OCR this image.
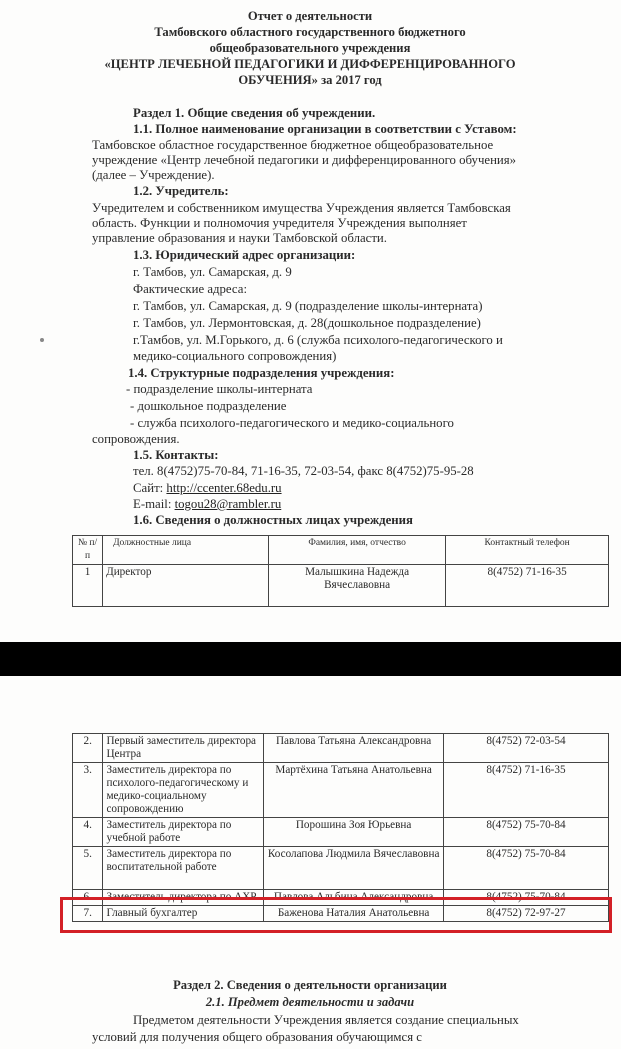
Отчет о деятельности
Тамбовского областного государственного бюджетного
общеобразовательного учреждения
«ЦЕНТР ЛЕЧЕБНОЙ ПЕДАГОГИКИ И ДИФФЕРЕНЦИРОВАННОГО
ОБУЧЕНИЯ» за 2017 год
Раздел 1. Общие сведения об учреждении.
1.1. Полное наименование организации в соответствии с Уставом:
Тамбовское областное государственное бюджетное общеобразовательное
учреждение «Центр лечебной педагогики и дифференцированного обучения»
(далее – Учреждение).
1.2. Учредитель:
Учредителем и собственником имущества Учреждения является Тамбовская
область. Функции и полномочия учредителя Учреждения выполняет
управление образования и науки Тамбовской области.
1.3. Юридический адрес организации:
г. Тамбов, ул. Самарская, д. 9
Фактические адреса:
г. Тамбов, ул. Самарская, д. 9 (подразделение школы-интерната)
г. Тамбов, ул. Лермонтовская, д. 28(дошкольное подразделение)
г.Тамбов, ул. М.Горького, д. 6 (служба психолого-педагогического и
медико-социального сопровождения)
1.4. Структурные подразделения учреждения:
- подразделение школы-интерната
- дошкольное подразделение
- служба психолого-педагогического и медико-социального
сопровождения.
1.5. Контакты:
тел. 8(4752)75-70-84, 71-16-35, 72-03-54, факс 8(4752)75-95-28
Сайт: http://ccenter.68edu.ru
E-mail: togou28@rambler.ru
1.6. Сведения о должностных лицах учреждения
№ п/п	Должностные лица	Фамилия, имя, отчество	Контактный телефон
1	Директор	Малышкина Надежда Вячеславовна	8(4752) 71-16-35
2.	Первый заместитель директора Центра	Павлова Татьяна Александровна	8(4752) 72-03-54
3.	Заместитель директора по психолого-педагогическому и медико-социальному сопровождению	Мартёхина Татьяна Анатольевна	8(4752) 71-16-35
4.	Заместитель директора по учебной работе	Порошина Зоя Юрьевна	8(4752) 75-70-84
5.	Заместитель директора по воспитательной работе	Косолапова Людмила Вячеславовна	8(4752) 75-70-84
6.	Заместитель директора по АХР	Павлова Альбина Александровна	8(4752) 75-70-84
7.	Главный бухгалтер	Баженова Наталия Анатольевна	8(4752) 72-97-27
Раздел 2. Сведения о деятельности организации
2.1. Предмет деятельности и задачи
Предметом деятельности Учреждения является создание специальных
условий для получения общего образования обучающимся с
